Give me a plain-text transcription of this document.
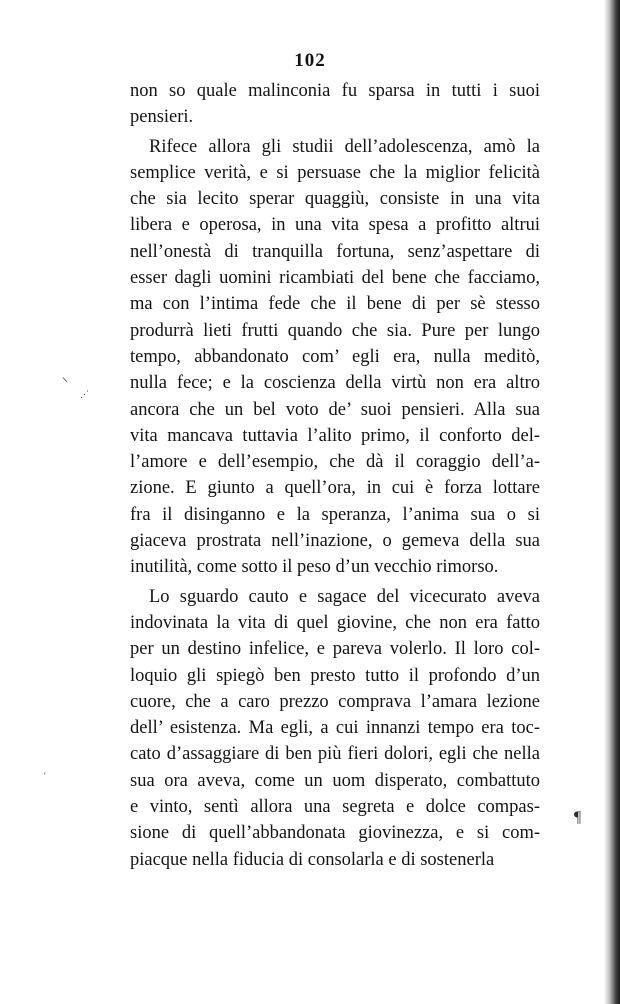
102
non so quale malinconia fu sparsa in tutti i suoi
pensieri.
Rifece allora gli studii dell’adolescenza, amò la
semplice verità, e si persuase che la miglior felicità
che sia lecito sperar quaggiù, consiste in una vita
libera e operosa, in una vita spesa a profitto altrui
nell’onestà di tranquilla fortuna, senz’aspettare di
esser dagli uomini ricambiati del bene che facciamo,
ma con l’intima fede che il bene di per sè stesso
produrrà lieti frutti quando che sia. Pure per lungo
tempo, abbandonato com’ egli era, nulla meditò,
nulla fece; e la coscienza della virtù non era altro
ancora che un bel voto de’ suoi pensieri. Alla sua
vita mancava tuttavia l’alito primo, il conforto del-
l’amore e dell’esempio, che dà il coraggio dell’a-
zione. E giunto a quell’ora, in cui è forza lottare
fra il disinganno e la speranza, l’anima sua o si
giaceva prostrata nell’inazione, o gemeva della sua
inutilità, come sotto il peso d’un vecchio rimorso.
Lo sguardo cauto e sagace del vicecurato aveva
indovinata la vita di quel giovine, che non era fatto
per un destino infelice, e pareva volerlo. Il loro col-
loquio gli spiegò ben presto tutto il profondo d’un
cuore, che a caro prezzo comprava l’amara lezione
dell’ esistenza. Ma egli, a cui innanzi tempo era toc-
cato d’assaggiare di ben più fieri dolori, egli che nella
sua ora aveva, come un uom disperato, combattuto
e vinto, sentì allora una segreta e dolce compas-
sione di quell’abbandonata giovinezza, e si com-
piacque nella fiducia di consolarla e di sostenerla
⸌
⋰
¶
'
